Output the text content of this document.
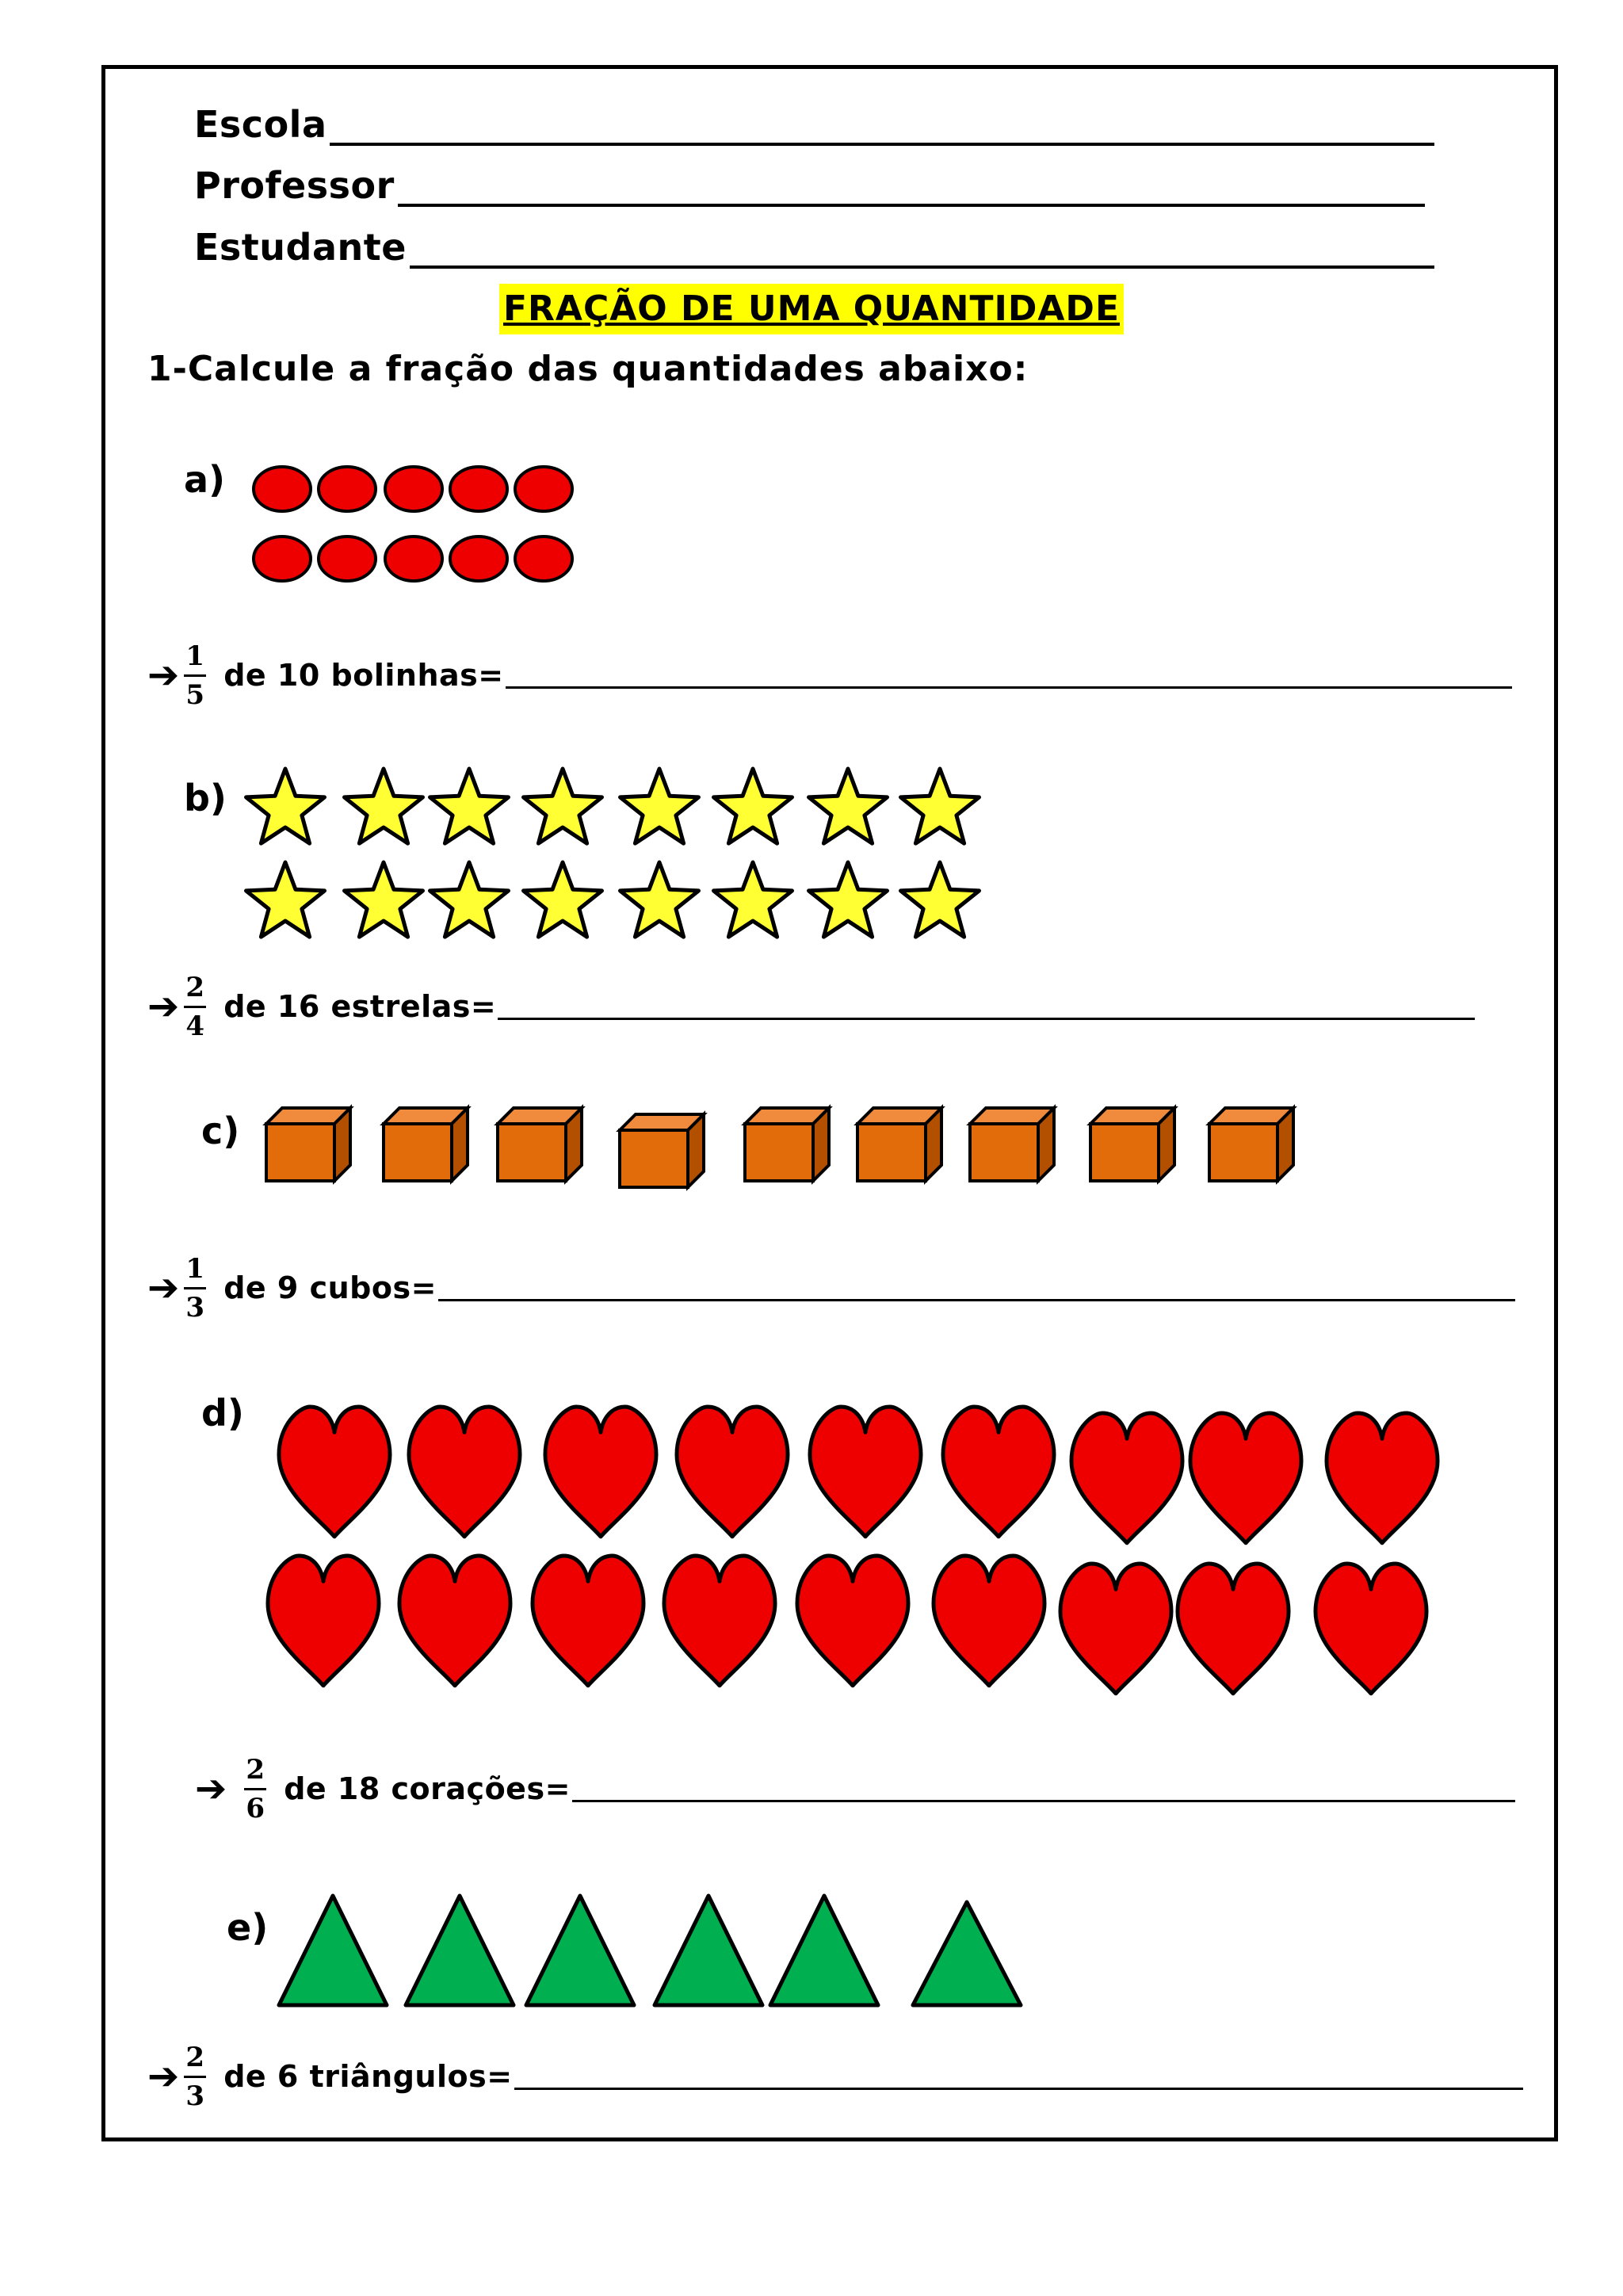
Escola
Professor
Estudante
FRAÇÃO DE UMA QUANTIDADE
1-Calcule a fração das quantidades abaixo:
a)
b)
c)
d)
e)
➔ $\frac{1}{5}$ de 10 bolinhas=
➔ $\frac{2}{4}$ de 16 estrelas=
➔ $\frac{1}{3}$ de 9 cubos=
➔ $\frac{2}{6}$ de 18 corações=
➔ $\frac{2}{3}$ de 6 triângulos=
